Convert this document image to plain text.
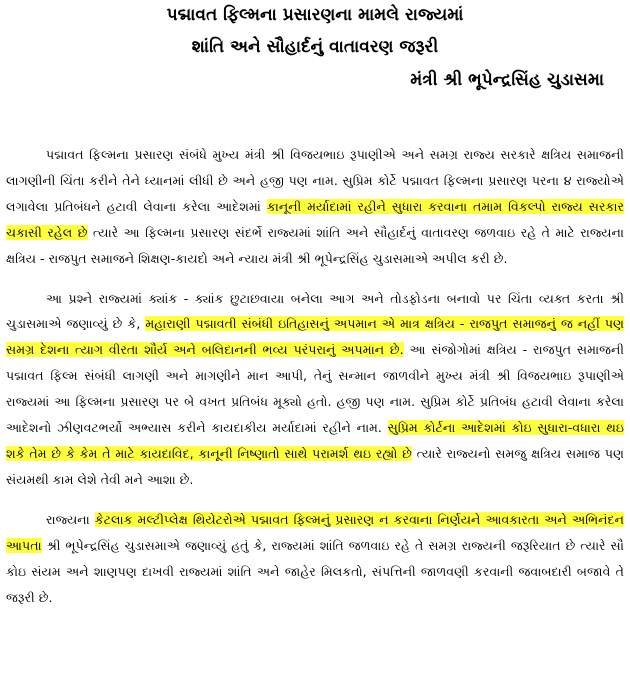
પદ્માવત ફિલ્મના પ્રસારણના મામલે રાજ્યમાં
શાંતિ અને સૌહાર્દનું વાતાવરણ જરૂરી
મંત્રી શ્રી ભૂપેન્દ્રસિંહ ચુડાસમા

પદ્માવત ફિલ્મના પ્રસારણ સંબંધે મુખ્ય મંત્રી શ્રી વિજયભાઇ રૂપાણીએ અને સમગ્ર રાજ્ય સરકારે ક્ષત્રિય સમાજની લાગણીની ચિંતા કરીને તેને ધ્યાનમાં લીધી છે અને હજી પણ નામ. સુપ્રિમ કોર્ટે પદ્માવત ફિલ્મના પ્રસારણ પરના ૪ રાજ્યોએ લગાવેલા પ્રતિબંધને હટાવી લેવાના કરેલા આદેશમાં કાનૂની મર્યાદામાં રહીને સુધારા કરવાના તમામ વિકલ્પો રાજ્ય સરકાર ચકાસી રહેલ છે ત્યારે આ ફિલ્મના પ્રસારણ સંદર્ભે રાજ્યમાં શાંતિ અને સૌહાર્દનું વાતાવરણ જળવાઇ રહે તે માટે રાજ્યના ક્ષત્રિય - રાજપુત સમાજને શિક્ષણ-કાયદો અને ન્યાય મંત્રી શ્રી ભૂપેન્દ્રસિંહ ચુડાસમાએ અપીલ કરી છે.

આ પ્રશ્ને રાજ્યમાં ક્યાંક - ક્યાંક છુટાછવાયા બનેલા આગ અને તોડફોડના બનાવો પર ચિંતા વ્યક્ત કરતા શ્રી ચુડાસમાએ જણાવ્યું છે કે, મહારાણી પદ્માવતી સંબંધી ઇતિહાસનું અપમાન એ માત્ર ક્ષત્રિય - રાજપુત સમાજનું જ નહીં પણ સમગ્ર દેશના ત્યાગ વીરતા શૌર્ય અને બલિદાનની ભવ્ય પરંપરાનું અપમાન છે. આ સંજોગોમાં ક્ષત્રિય - રાજપુત સમાજની પદ્માવત ફિલ્મ સંબંધી લાગણી અને માગણીને માન આપી, તેનું સન્માન જાળવીને મુખ્ય મંત્રી શ્રી વિજયભાઇ રૂપાણીએ રાજ્યમાં આ ફિલ્મના પ્રસારણ પર બે વખત પ્રતિબંધ મૂક્યો હતો. હજી પણ નામ. સુપ્રિમ કોર્ટે પ્રતિબંધ હટાવી લેવાના કરેલા આદેશનો ઝીણવટભર્યો અભ્યાસ કરીને કાયદાકીય મર્યાદામાં રહીને નામ. સુપ્રિમ કોર્ટના આદેશમાં કોઇ સુધારા-વધારા થઇ શકે તેમ છે કે કેમ તે માટે કાયદાવિદ, કાનૂની નિષ્ણાતો સાથે પરામર્શ થઇ રહ્યો છે ત્યારે રાજ્યનો સમજુ ક્ષત્રિય સમાજ પણ સંયમથી કામ લેશે તેવી મને આશા છે.

રાજ્યના કેટલાક મલ્ટીપ્લેક્ષ થિયેટરોએ પદ્માવત ફિલ્મનું પ્રસારણ ન કરવાના નિર્ણયને આવકારતા અને અભિનંદન આપતા શ્રી ભૂપેન્દ્રસિંહ ચુડાસમાએ જણાવ્યું હતું કે, રાજ્યમાં શાંતિ જળવાઇ રહે તે સમગ્ર રાજ્યની જરૂરિયાત છે ત્યારે સૌ કોઇ સંયમ અને શાણપણ દાખવી રાજ્યમાં શાંતિ અને જાહેર મિલકતો, સંપત્તિની જાળવણી કરવાની જવાબદારી બજાવે તે જરૂરી છે.
